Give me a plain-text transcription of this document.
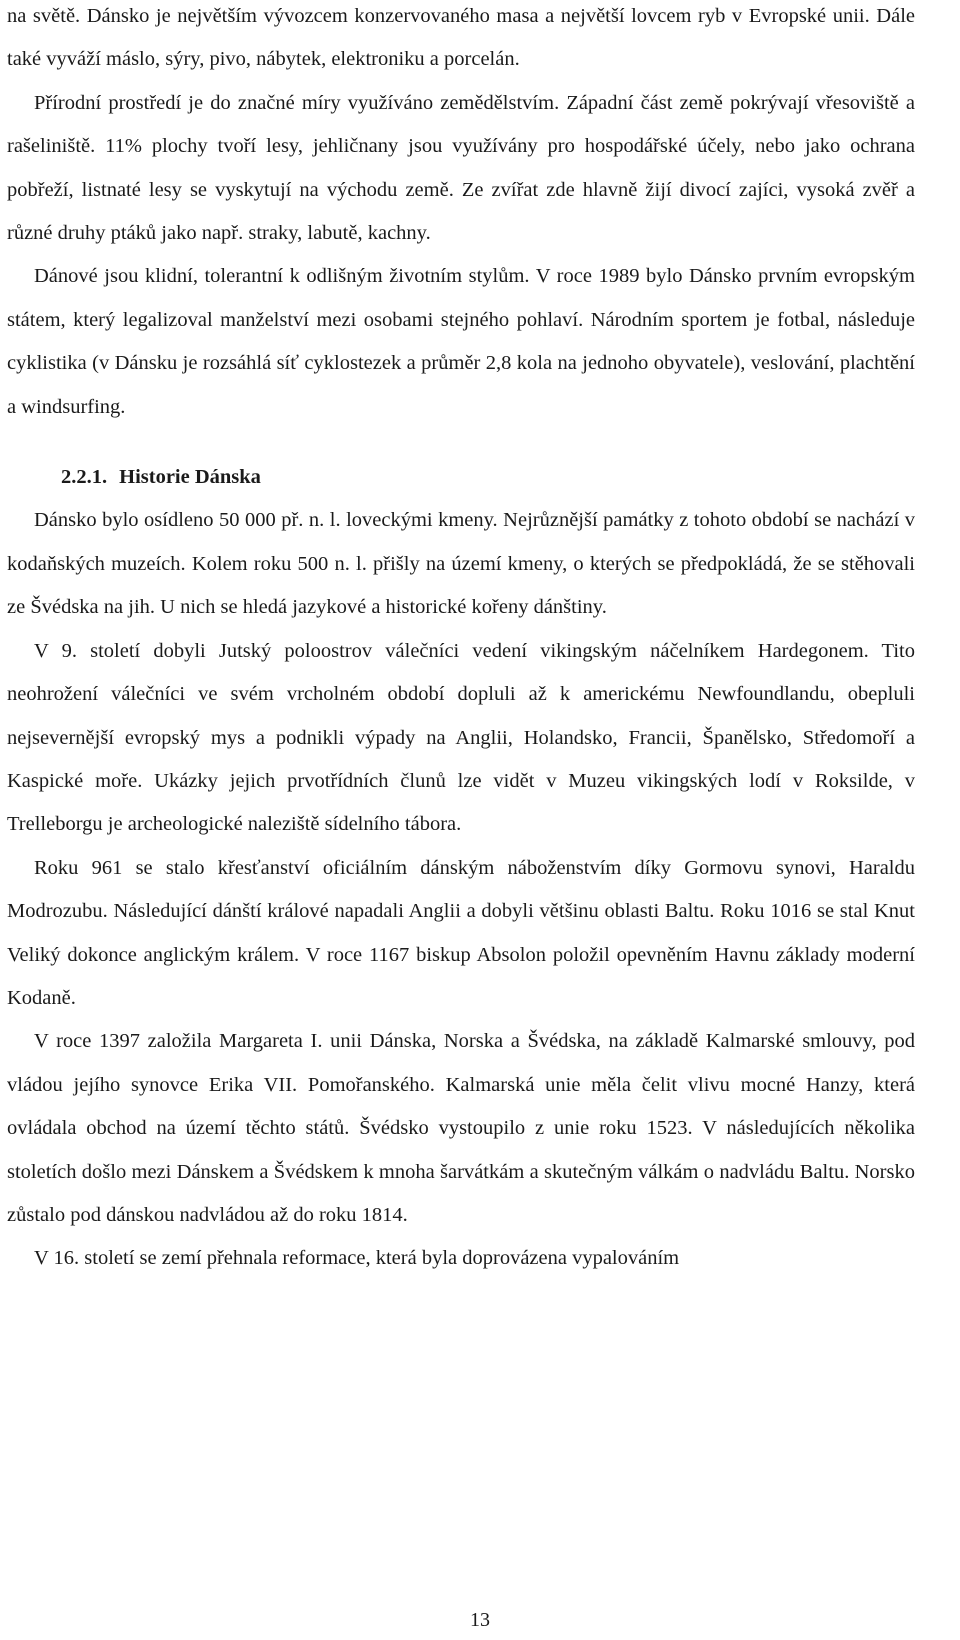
na světě. Dánsko je největším vývozcem konzervovaného masa a největší lovcem ryb v Evropské unii. Dále také vyváží máslo, sýry, pivo, nábytek, elektroniku a porcelán.

Přírodní prostředí je do značné míry využíváno zemědělstvím. Západní část země pokrývají vřesoviště a rašeliniště. 11% plochy tvoří lesy, jehličnany jsou využívány pro hospodářské účely, nebo jako ochrana pobřeží, listnaté lesy se vyskytují na východu země. Ze zvířat zde hlavně žijí divocí zajíci, vysoká zvěř a různé druhy ptáků jako např. straky, labutě, kachny.

Dánové jsou klidní, tolerantní k odlišným životním stylům. V roce 1989 bylo Dánsko prvním evropským státem, který legalizoval manželství mezi osobami stejného pohlaví. Národním sportem je fotbal, následuje cyklistika (v Dánsku je rozsáhlá síť cyklostezek a průměr 2,8 kola na jednoho obyvatele), veslování, plachtění a windsurfing.

2.2.1. Historie Dánska

Dánsko bylo osídleno 50 000 př. n. l. loveckými kmeny. Nejrůznější památky z tohoto období se nachází v kodaňských muzeích. Kolem roku 500 n. l. přišly na území kmeny, o kterých se předpokládá, že se stěhovali ze Švédska na jih. U nich se hledá jazykové a historické kořeny dánštiny.

V 9. století dobyli Jutský poloostrov válečníci vedení vikingským náčelníkem Hardegonem. Tito neohrožení válečníci ve svém vrcholném období dopluli až k americkému Newfoundlandu, obepluli nejsevernější evropský mys a podnikli výpady na Anglii, Holandsko, Francii, Španělsko, Středomoří a Kaspické moře. Ukázky jejich prvotřídních člunů lze vidět v Muzeu vikingských lodí v Roksilde, v Trelleborgu je archeologické naleziště sídelního tábora.

Roku 961 se stalo křesťanství oficiálním dánským náboženstvím díky Gormovu synovi, Haraldu Modrozubu. Následující dánští králové napadali Anglii a dobyli většinu oblasti Baltu. Roku 1016 se stal Knut Veliký dokonce anglickým králem. V roce 1167 biskup Absolon položil opevněním Havnu základy moderní Kodaně.

V roce 1397 založila Margareta I. unii Dánska, Norska a Švédska, na základě Kalmarské smlouvy, pod vládou jejího synovce Erika VII. Pomořanského. Kalmarská unie měla čelit vlivu mocné Hanzy, která ovládala obchod na území těchto států. Švédsko vystoupilo z unie roku 1523. V následujících několika stoletích došlo mezi Dánskem a Švédskem k mnoha šarvátkám a skutečným válkám o nadvládu Baltu. Norsko zůstalo pod dánskou nadvládou až do roku 1814.

V 16. století se zemí přehnala reformace, která byla doprovázena vypalováním

13
